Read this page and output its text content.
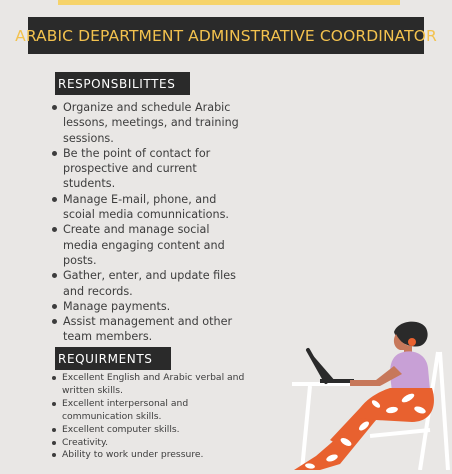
ARABIC DEPARTMENT ADMINSTRATIVE COORDINATOR
RESPONSBILITTES
Organize and schedule Arabic lessons, meetings, and training sessions.
Be the point of contact for prospective and current students.
Manage E-mail, phone, and scoial media comunnications.
Create and manage social media engaging content and posts.
Gather, enter, and update files and records.
Manage payments.
Assist management and other team members.
REQUIRMENTS
Excellent English and Arabic verbal and written skills.
Excellent interpersonal and communication skills.
Excellent computer skills.
Creativity.
Ability to work under pressure.
